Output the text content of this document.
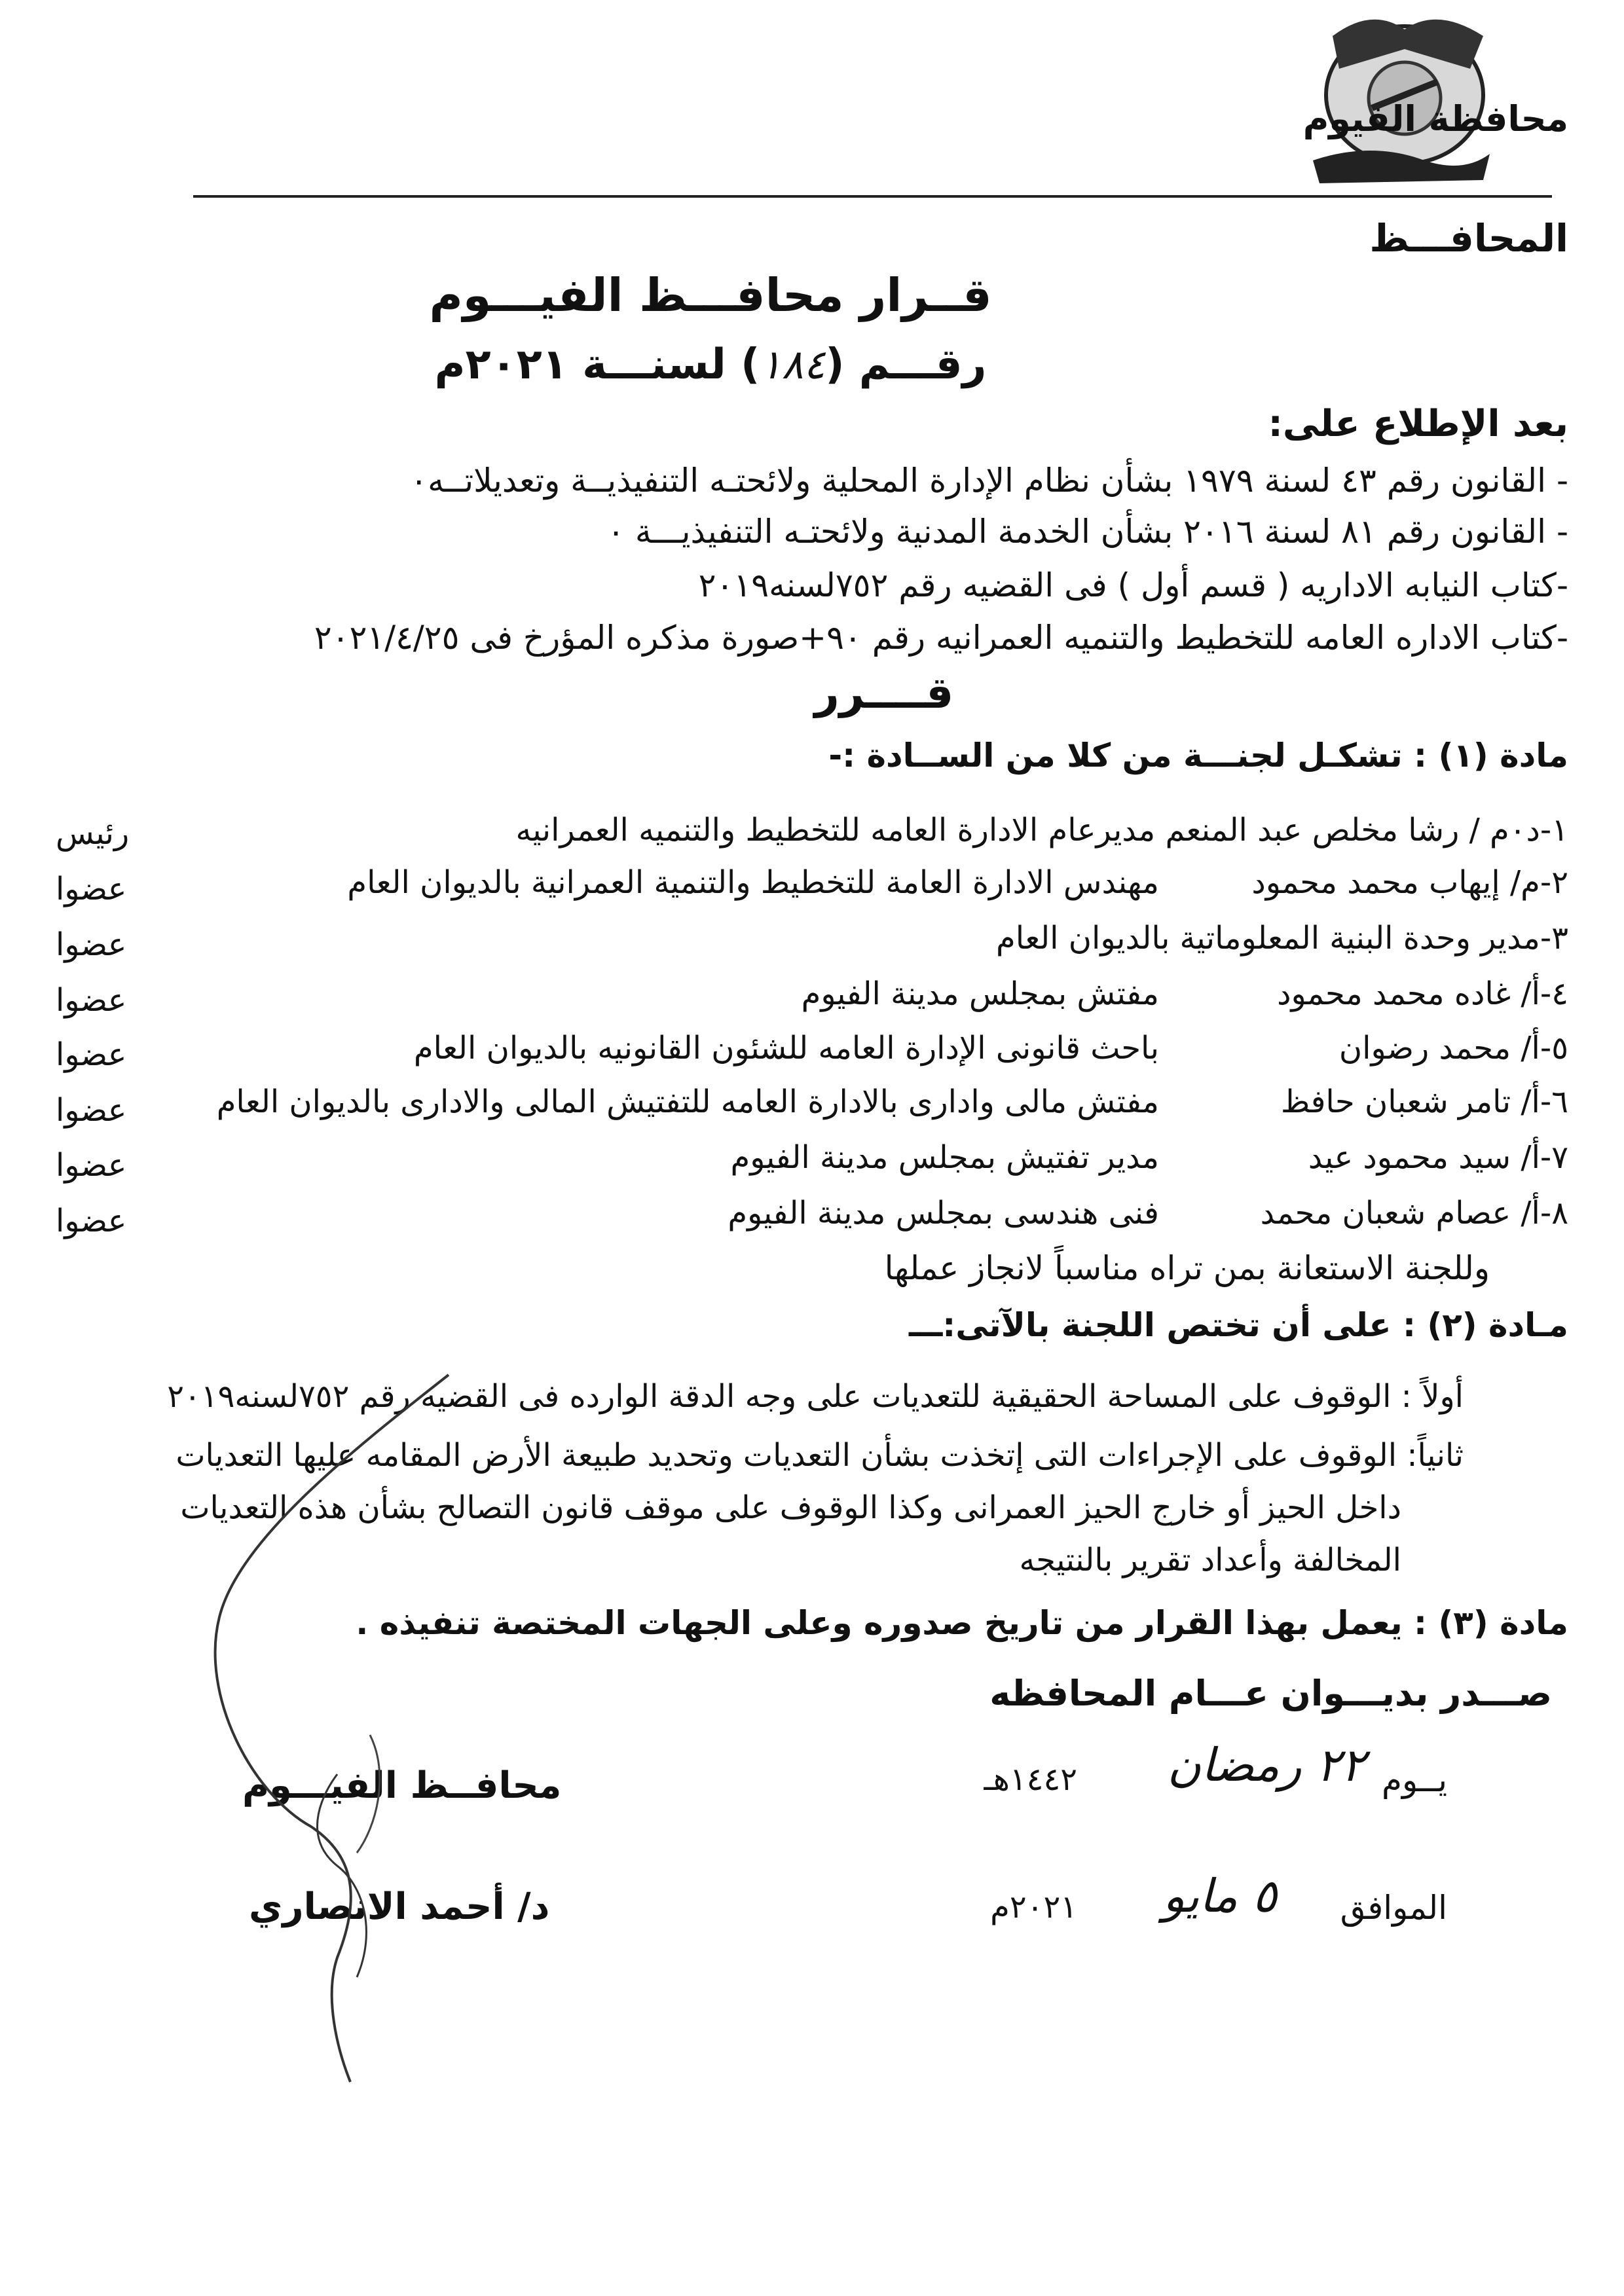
محافظة الفيوم
المحافـــظ
قــرار محافـــظ الفيـــوم
رقـــم (١٨٤) لسنـــة ٢٠٢١م
بعد الإطلاع على:
- القانون رقم ٤٣ لسنة ١٩٧٩ بشأن نظام الإدارة المحلية ولائحتـه التنفيذيــة وتعديلاتــه٠
- القانون رقم ٨١ لسنة ٢٠١٦ بشأن الخدمة المدنية ولائحتـه التنفيذيـــة ٠
-كتاب النيابه الاداريه ( قسم أول ) فى القضيه رقم ٧٥٢لسنه٢٠١٩
-كتاب الاداره العامه للتخطيط والتنميه العمرانيه رقم ٩٠+صورة مذكره المؤرخ فى ٢٠٢١/٤/٢٥
قــــرر
مادة (١) : تشكـل لجنـــة من كلا من الســادة :-
١-د٠م / رشا مخلص عبد المنعم مديرعام الادارة العامه للتخطيط والتنميه العمرانيه
رئيس
٢-م/ إيهاب محمد محمود
مهندس الادارة العامة للتخطيط والتنمية العمرانية بالديوان العام
عضوا
٣-مدير وحدة البنية المعلوماتية بالديوان العام
عضوا
٤-أ/ غاده محمد محمود
مفتش بمجلس مدينة الفيوم
عضوا
٥-أ/ محمد رضوان
باحث قانونى الإدارة العامه للشئون القانونيه بالديوان العام
عضوا
٦-أ/ تامر شعبان حافظ
مفتش مالى وادارى بالادارة العامه للتفتيش المالى والادارى بالديوان العام
عضوا
٧-أ/ سيد محمود عيد
مدير تفتيش بمجلس مدينة الفيوم
عضوا
٨-أ/ عصام شعبان محمد
فنى هندسى بمجلس مدينة الفيوم
عضوا
وللجنة الاستعانة بمن تراه مناسباً لانجاز عملها
مـادة (٢) : على أن تختص اللجنة بالآتى:ـــ
أولاً : الوقوف على المساحة الحقيقية للتعديات على وجه الدقة الوارده فى القضيه رقم ٧٥٢لسنه٢٠١٩
ثانياً: الوقوف على الإجراءات التى إتخذت بشأن التعديات وتحديد طبيعة الأرض المقامه عليها التعديات
داخل الحيز أو خارج الحيز العمرانى وكذا الوقوف على موقف قانون التصالح بشأن هذه التعديات
المخالفة وأعداد تقرير بالنتيجه
مادة (٣) : يعمل بهذا القرار من تاريخ صدوره وعلى الجهات المختصة تنفيذه .
صـــدر بديـــوان عـــام المحافظه
يــوم
٢٢ رمضان
١٤٤٢هـ
الموافق
٥ مايو
٢٠٢١م
محافــظ الفيـــوم
د/ أحمد الانصاري
